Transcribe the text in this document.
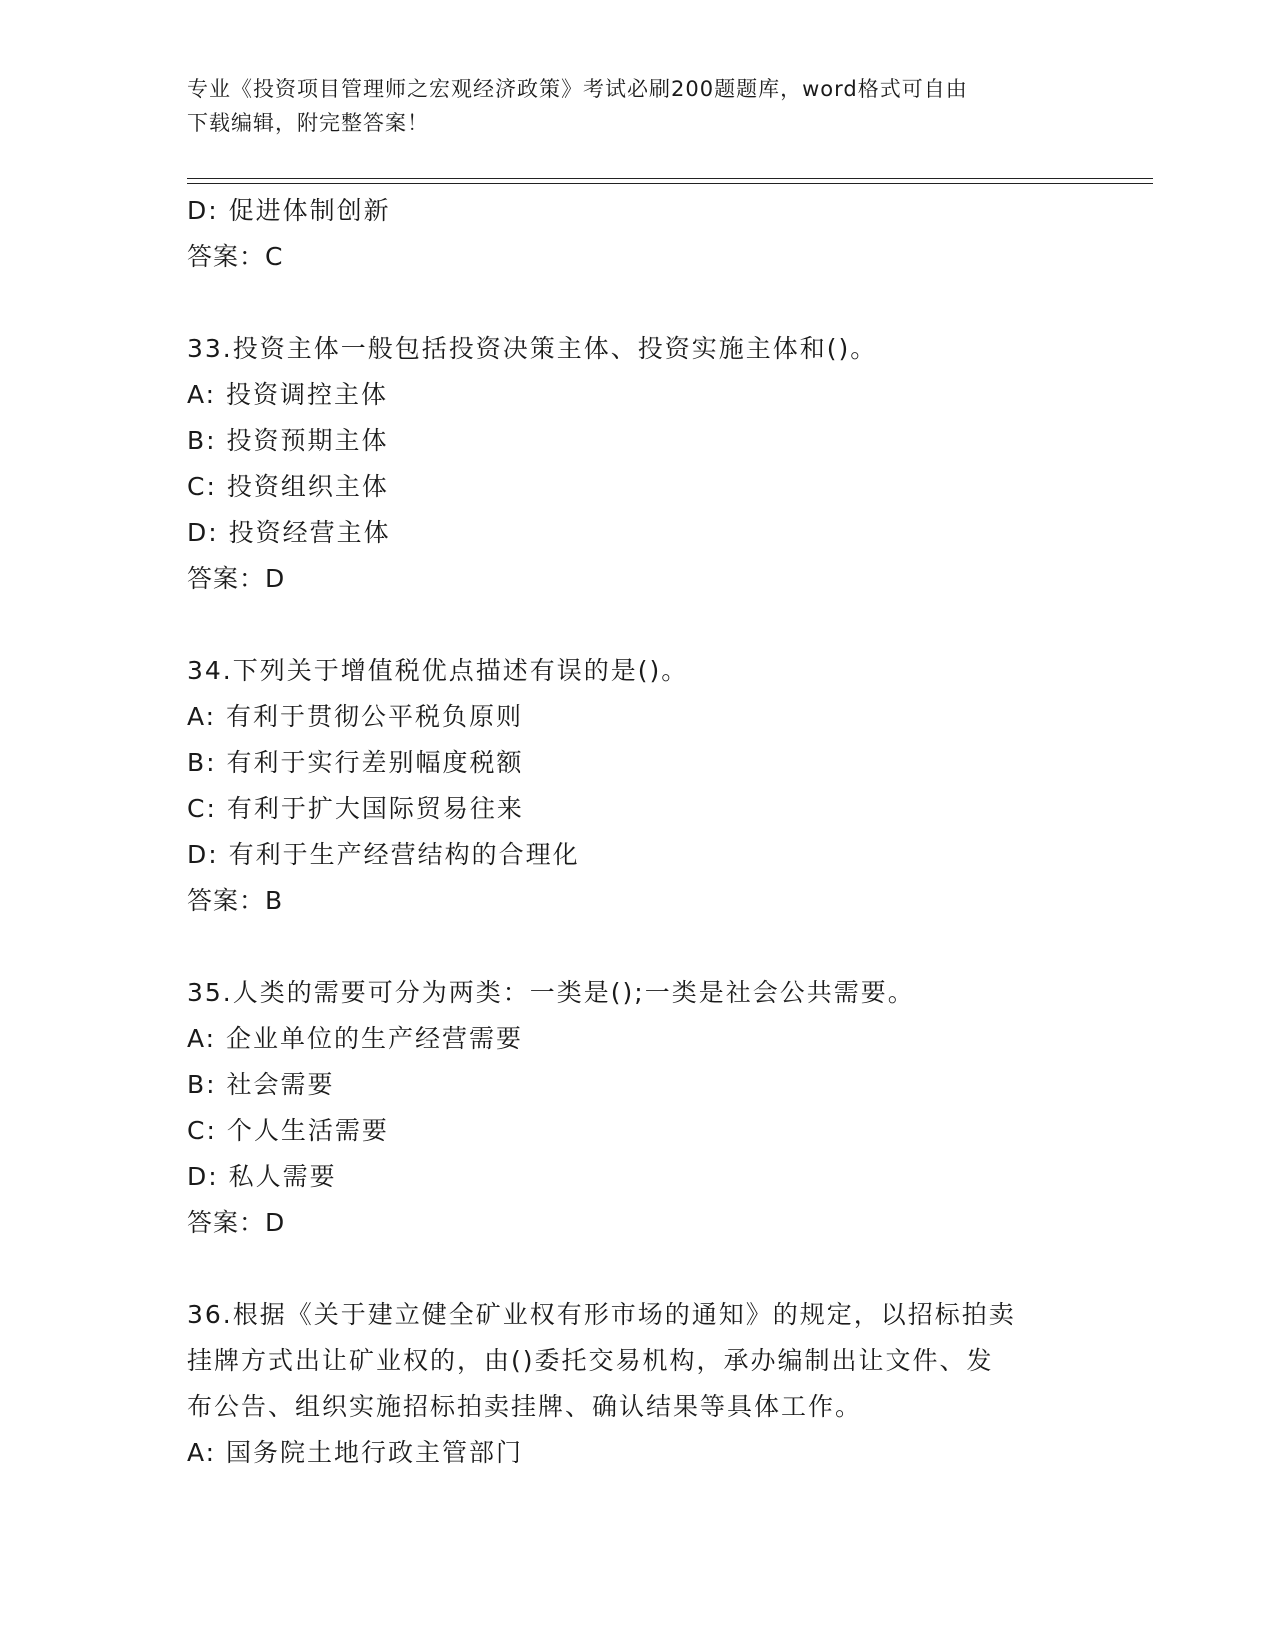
专业《投资项目管理师之宏观经济政策》考试必刷200题题库，word格式可自由
下载编辑，附完整答案！
D: 促进体制创新
答案：C
33.投资主体一般包括投资决策主体、投资实施主体和()。
A: 投资调控主体
B: 投资预期主体
C: 投资组织主体
D: 投资经营主体
答案：D
34.下列关于增值税优点描述有误的是()。
A: 有利于贯彻公平税负原则
B: 有利于实行差别幅度税额
C: 有利于扩大国际贸易往来
D: 有利于生产经营结构的合理化
答案：B
35.人类的需要可分为两类：一类是();一类是社会公共需要。
A: 企业单位的生产经营需要
B: 社会需要
C: 个人生活需要
D: 私人需要
答案：D
36.根据《关于建立健全矿业权有形市场的通知》的规定，以招标拍卖
挂牌方式出让矿业权的，由()委托交易机构，承办编制出让文件、发
布公告、组织实施招标拍卖挂牌、确认结果等具体工作。
A: 国务院土地行政主管部门
